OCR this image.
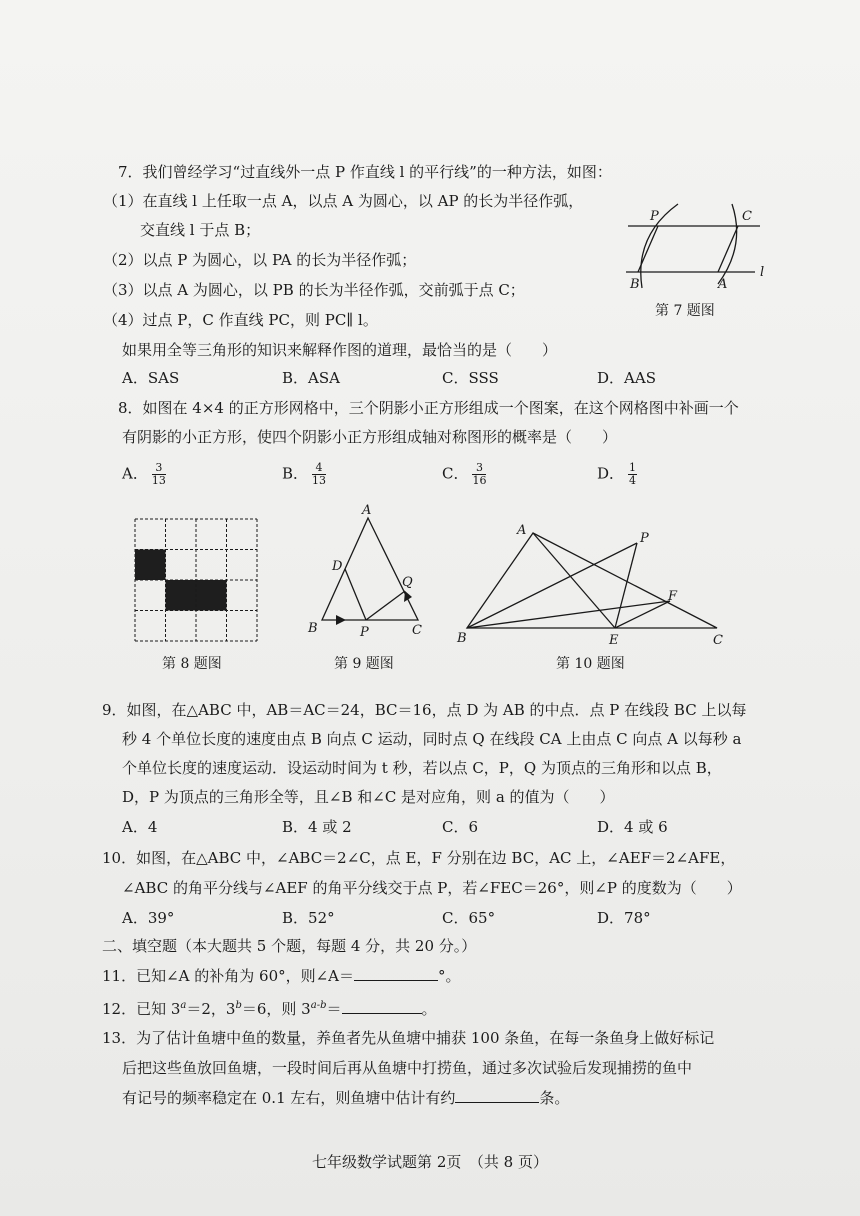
7．我们曾经学习“过直线外一点 P 作直线 l 的平行线”的一种方法，如图：
（1）在直线 l 上任取一点 A，以点 A 为圆心，以 AP 的长为半径作弧，
交直线 l 于点 B；
（2）以点 P 为圆心，以 PA 的长为半径作弧；
（3）以点 A 为圆心，以 PB 的长为半径作弧，交前弧于点 C；
（4）过点 P，C 作直线 PC，则 PC∥ l。
如果用全等三角形的知识来解释作图的道理，最恰当的是（　　）
A．SAS	B．ASA	C．SSS	D．AAS
P	C
B	A
l
第 7 题图
8．如图在 4×4 的正方形网格中，三个阴影小正方形组成一个图案，在这个网格图中补画一个
有阴影的小正方形，使四个阴影小正方形组成轴对称图形的概率是（　　）
A． $\frac{3}{13}$	B． $\frac{4}{13}$	C． $\frac{3}{16}$	D． $\frac{1}{4}$
第 8 题图
A
D
Q
B	P	C
第 9 题图
A
P
F
B	E	C
第 10 题图
9．如图，在△ABC 中，AB＝AC＝24，BC＝16，点 D 为 AB 的中点．点 P 在线段 BC 上以每
秒 4 个单位长度的速度由点 B 向点 C 运动，同时点 Q 在线段 CA 上由点 C 向点 A 以每秒 a
个单位长度的速度运动．设运动时间为 t 秒，若以点 C，P，Q 为顶点的三角形和以点 B，
D，P 为顶点的三角形全等，且∠B 和∠C 是对应角，则 a 的值为（　　）
A．4	B．4 或 2	C．6	D．4 或 6
10．如图，在△ABC 中，∠ABC＝2∠C，点 E，F 分别在边 BC，AC 上，∠AEF＝2∠AFE，
∠ABC 的角平分线与∠AEF 的角平分线交于点 P，若∠FEC＝26°，则∠P 的度数为（　　）
A．39°	B．52°	C．65°	D．78°
二、填空题（本大题共 5 个题，每题 4 分，共 20 分。）
11．已知∠A 的补角为 60°，则∠A＝	°。
12．已知 $3^a=2$，$3^b=6$，则 $3^{a-b}=$	。
13．为了估计鱼塘中鱼的数量，养鱼者先从鱼塘中捕获 100 条鱼，在每一条鱼身上做好标记
后把这些鱼放回鱼塘，一段时间后再从鱼塘中打捞鱼，通过多次试验后发现捕捞的鱼中
有记号的频率稳定在 0.1 左右，则鱼塘中估计有约	条。
七年级数学试题第 2页　（共 8 页）
